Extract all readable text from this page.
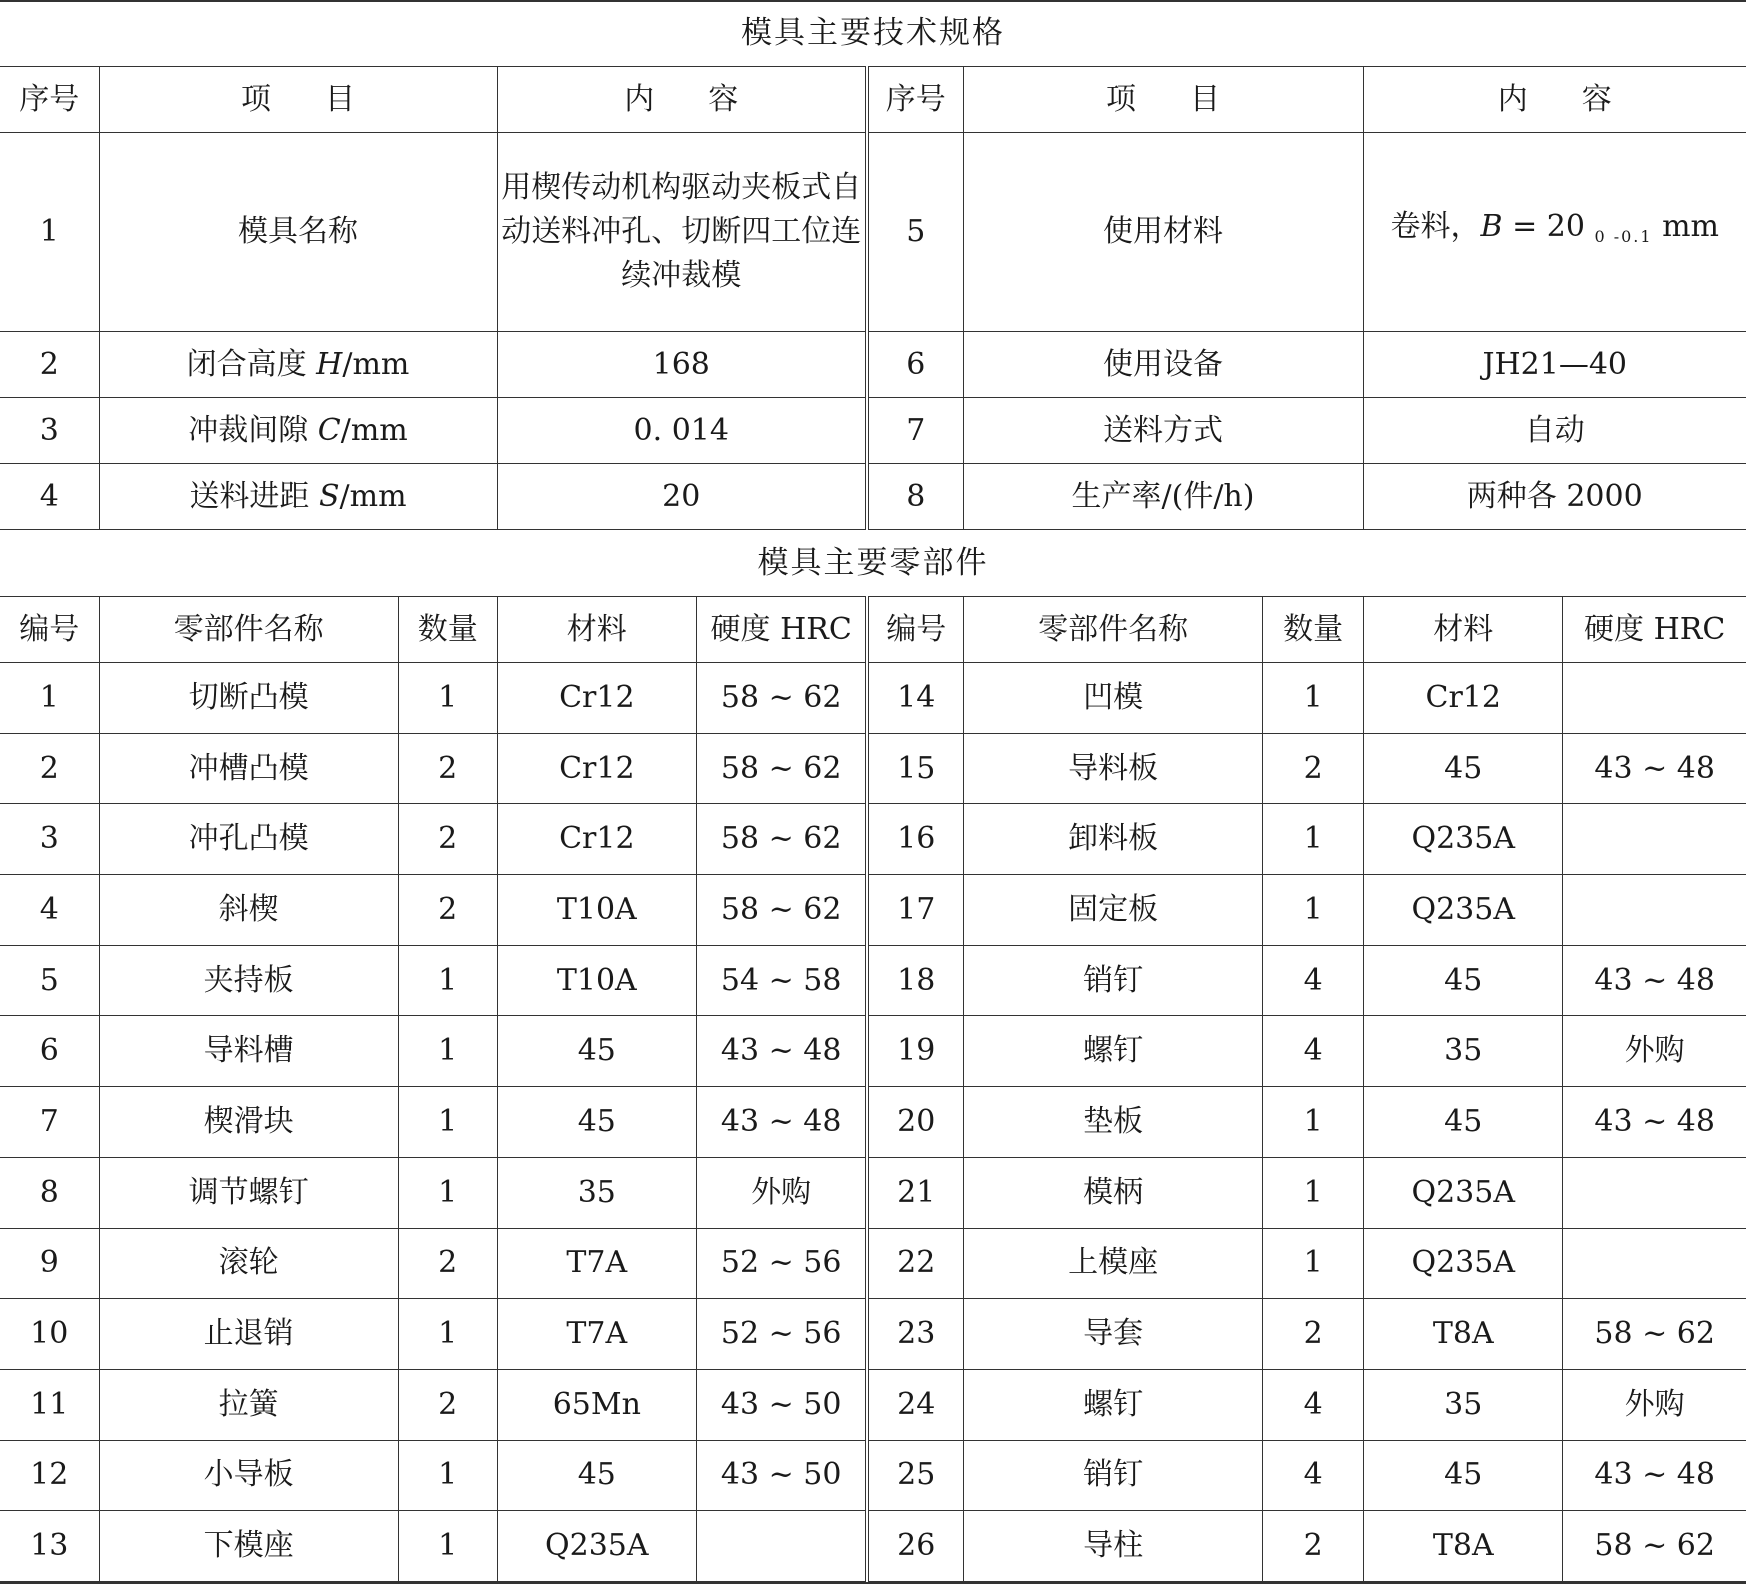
模具主要技术规格
序号	项目	内容	序号	项目	内容
1	模具名称	用楔传动机构驱动夹板式自动送料冲孔、切断四工位连续冲裁模	5	使用材料	卷料，B = 20 $_{0 -0.1}$ mm
2	闭合高度 H/mm	168	6	使用设备	JH21—40
3	冲裁间隙 C/mm	0. 014	7	送料方式	自动
4	送料进距 S/mm	20	8	生产率/(件/h)	两种各 2000
模具主要零部件
编号	零部件名称	数量	材料	硬度 HRC	编号	零部件名称	数量	材料	硬度 HRC
1	切断凸模	1	Cr12	58 ~ 62	14	凹模	1	Cr12	
2	冲槽凸模	2	Cr12	58 ~ 62	15	导料板	2	45	43 ~ 48
3	冲孔凸模	2	Cr12	58 ~ 62	16	卸料板	1	Q235A	
4	斜楔	2	T10A	58 ~ 62	17	固定板	1	Q235A	
5	夹持板	1	T10A	54 ~ 58	18	销钉	4	45	43 ~ 48
6	导料槽	1	45	43 ~ 48	19	螺钉	4	35	外购
7	楔滑块	1	45	43 ~ 48	20	垫板	1	45	43 ~ 48
8	调节螺钉	1	35	外购	21	模柄	1	Q235A	
9	滚轮	2	T7A	52 ~ 56	22	上模座	1	Q235A	
10	止退销	1	T7A	52 ~ 56	23	导套	2	T8A	58 ~ 62
11	拉簧	2	65Mn	43 ~ 50	24	螺钉	4	35	外购
12	小导板	1	45	43 ~ 50	25	销钉	4	45	43 ~ 48
13	下模座	1	Q235A		26	导柱	2	T8A	58 ~ 62
